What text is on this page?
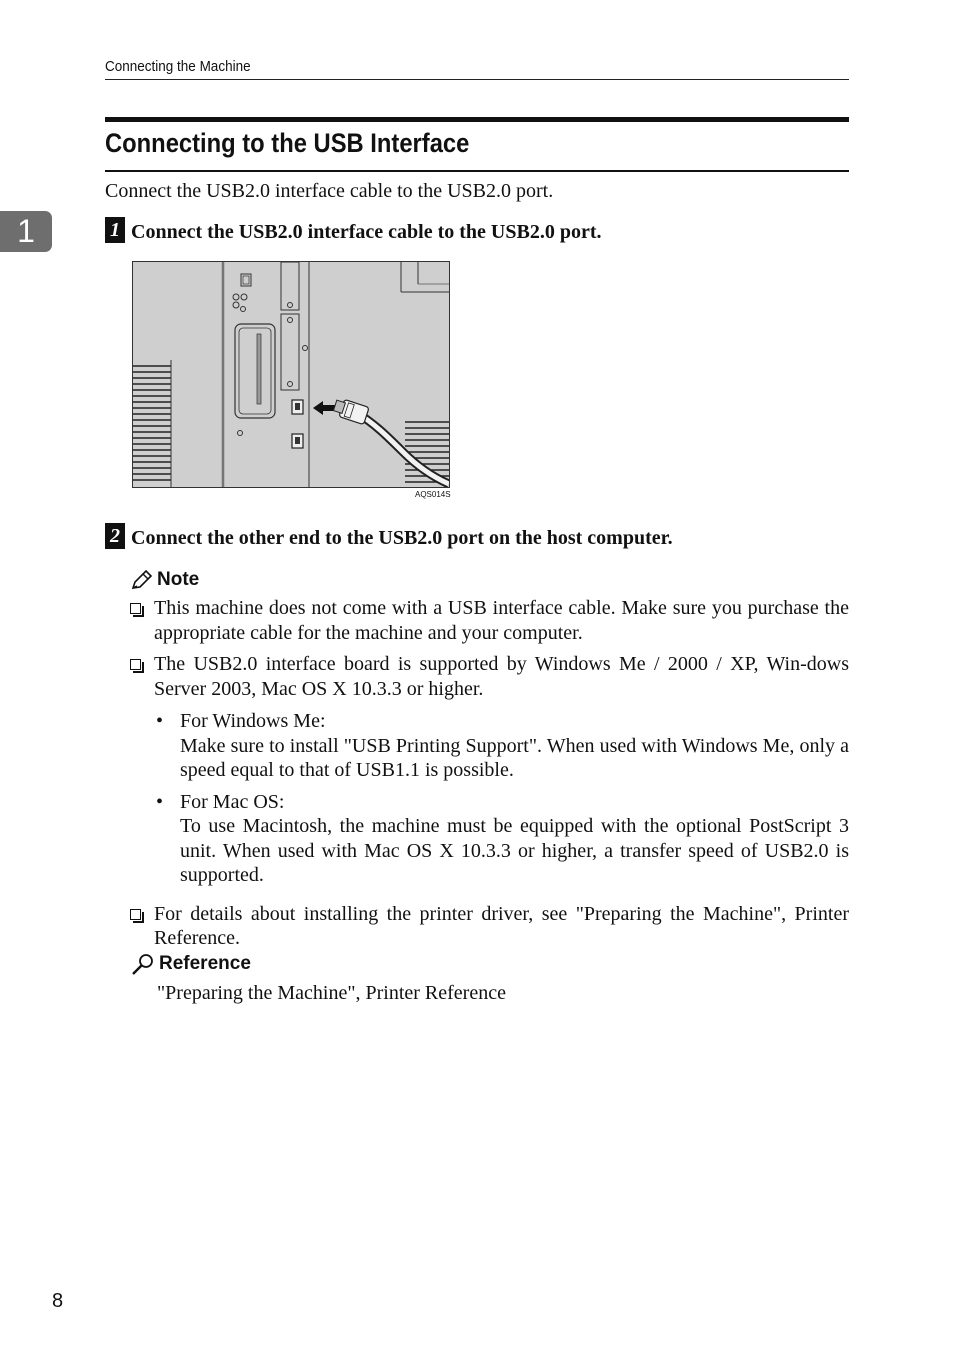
Connecting the Machine
Connecting to the USB Interface
1
Connect the USB2.0 interface cable to the USB2.0 port.
1 Connect the USB2.0 interface cable to the USB2.0 port.
AQS014S
2 Connect the other end to the USB2.0 port on the host computer.
Note
This machine does not come with a USB interface cable. Make sure you purchase the appropriate cable for the machine and your computer.
The USB2.0 interface board is supported by Windows Me / 2000 / XP, Win-dows Server 2003, Mac OS X 10.3.3 or higher.
• For Windows Me:
Make sure to install "USB Printing Support". When used with Windows Me, only a speed equal to that of USB1.1 is possible.
• For Mac OS:
To use Macintosh, the machine must be equipped with the optional PostScript 3 unit. When used with Mac OS X 10.3.3 or higher, a transfer speed of USB2.0 is supported.
For details about installing the printer driver, see "Preparing the Machine", Printer Reference.
Reference
"Preparing the Machine", Printer Reference
8
